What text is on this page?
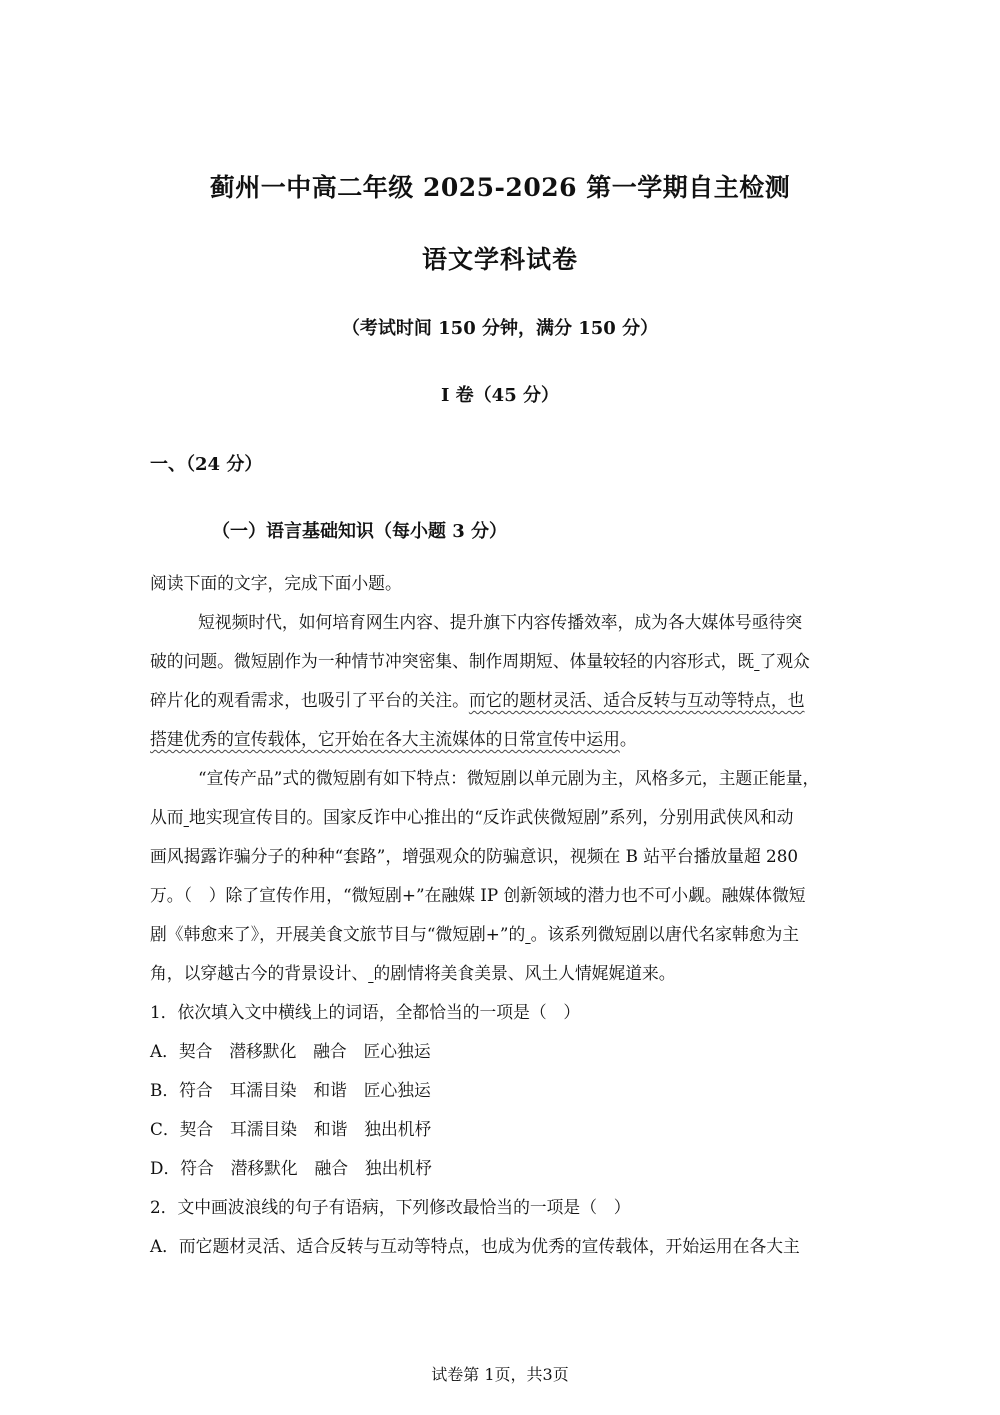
蓟州一中高二年级 2025-2026 第一学期自主检测
语文学科试卷
（考试时间 150 分钟，满分 150 分）
I 卷（45 分）
一、（24 分）
（一）语言基础知识（每小题 3 分）
阅读下面的文字，完成下面小题。
短视频时代，如何培育网生内容、提升旗下内容传播效率，成为各大媒体号亟待突
破的问题。微短剧作为一种情节冲突密集、制作周期短、体量较轻的内容形式，既 了观众
碎片化的观看需求，也吸引了平台的关注。而它的题材灵活、适合反转与互动等特点，也
搭建优秀的宣传载体，它开始在各大主流媒体的日常宣传中运用。
“宣传产品”式的微短剧有如下特点：微短剧以单元剧为主，风格多元，主题正能量，
从而 地实现宣传目的。国家反诈中心推出的“反诈武侠微短剧”系列，分别用武侠风和动
画风揭露诈骗分子的种种“套路”，增强观众的防骗意识，视频在 B 站平台播放量超 280
万。（　）除了宣传作用，“微短剧+”在融媒 IP 创新领域的潜力也不可小觑。融媒体微短
剧《韩愈来了》，开展美食文旅节目与“微短剧+”的 。该系列微短剧以唐代名家韩愈为主
角，以穿越古今的背景设计、 的剧情将美食美景、风土人情娓娓道来。
1．依次填入文中横线上的词语，全都恰当的一项是（　）
A．契合　潜移默化　融合　匠心独运
B．符合　耳濡目染　和谐　匠心独运
C．契合　耳濡目染　和谐　独出机杼
D．符合　潜移默化　融合　独出机杼
2．文中画波浪线的句子有语病，下列修改最恰当的一项是（　）
A．而它题材灵活、适合反转与互动等特点，也成为优秀的宣传载体，开始运用在各大主
试卷第 1页，共3页
